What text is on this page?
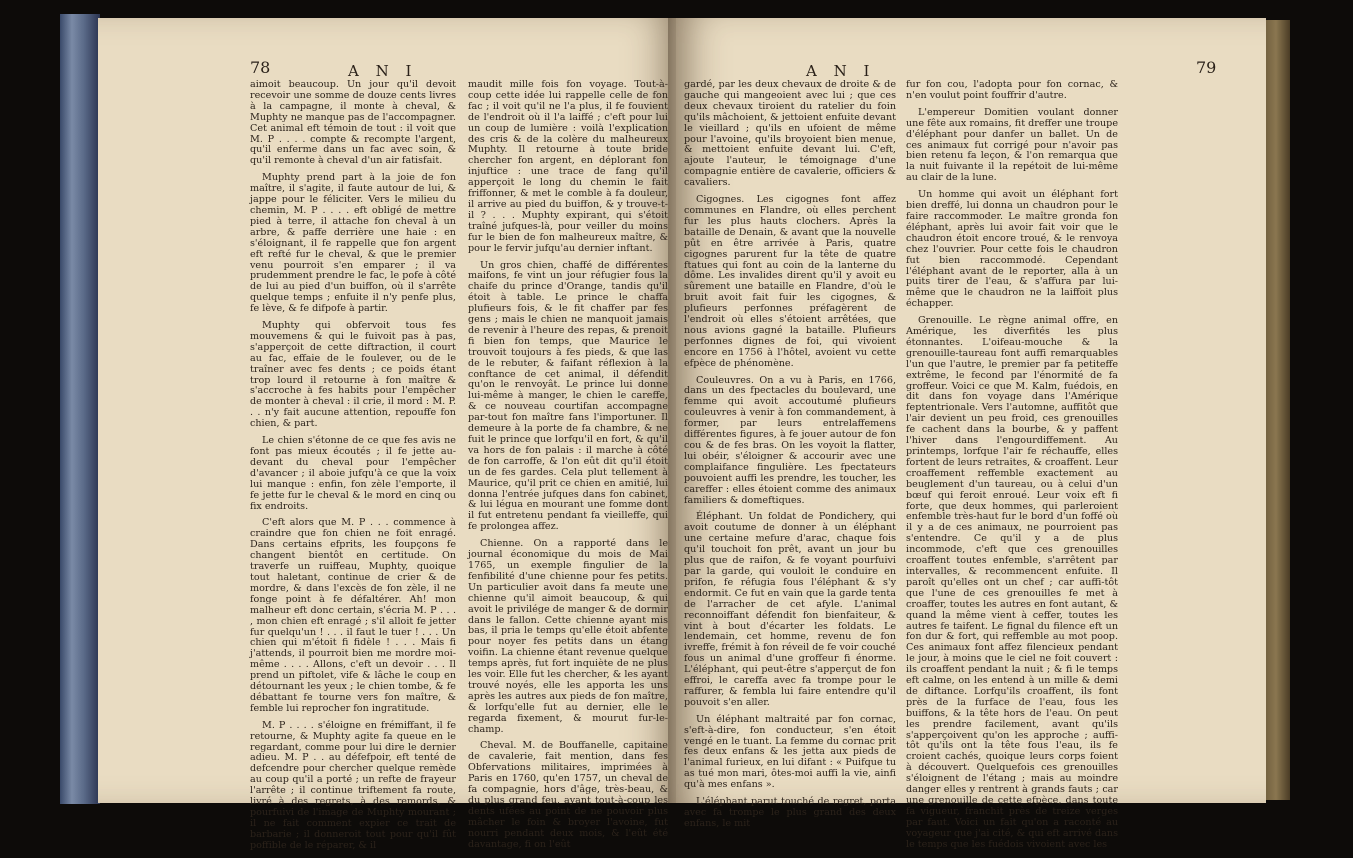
78	A N I

aimoit beaucoup. Un jour qu'il devoit recevoir une somme de douze cents livres à la campagne, il monte à cheval, & Muphty ne manque pas de l'accompagner. Cet animal eft témoin de tout : il voit que M. P . . . . compte & recompte l'argent, qu'il enferme dans un fac avec soin, & qu'il remonte à cheval d'un air fatisfait.

Muphty prend part à la joie de fon maître, il s'agite, il faute autour de lui, & jappe pour le féliciter. Vers le milieu du chemin, M. P . . . . eft obligé de mettre pied à terre, il attache fon cheval à un arbre, & paffe derrière une haie : en s'éloignant, il fe rappelle que fon argent eft refté fur le cheval, & que le premier venu pourroit s'en emparer ; il va prudemment prendre le fac, le pofe à côté de lui au pied d'un buiffon, où il s'arrête quelque temps ; enfuite il n'y penfe plus, fe lève, & fe difpofe à partir.

Muphty qui obfervoit tous fes mouvemens & qui le fuivoit pas à pas, s'apperçoit de cette diftraction, il court au fac, effaie de le foulever, ou de le traîner avec fes dents ; ce poids étant trop lourd il retourne à fon maître & s'accroche à fes habits pour l'empêcher de monter à cheval : il crie, il mord : M. P. . . n'y fait aucune attention, repouffe fon chien, & part.

Le chien s'étonne de ce que fes avis ne font pas mieux écoutés ; il fe jette au-devant du cheval pour l'empêcher d'avancer ; il aboie jufqu'à ce que la voix lui manque : enfin, fon zèle l'emporte, il fe jette fur le cheval & le mord en cinq ou fix endroits.

C'eft alors que M. P . . . commence à craindre que fon chien ne foit enragé. Dans certains efprits, les foupçons fe changent bientôt en certitude. On traverfe un ruiffeau, Muphty, quoique tout haletant, continue de crier & de mordre, & dans l'excès de fon zèle, il ne fonge point à fe défaltérer. Ah! mon malheur eft donc certain, s'écria M. P . . . , mon chien eft enragé ; s'il alloit fe jetter fur quelqu'un ! . . . il faut le tuer ! . . . Un chien qui m'étoit fi fidèle ! . . . Mais fi j'attends, il pourroit bien me mordre moi-même . . . . Allons, c'eft un devoir . . . Il prend un piftolet, vife & lâche le coup en détournant les yeux ; le chien tombe, & fe débattant fe tourne vers fon maître, & femble lui reprocher fon ingratitude.

M. P . . . . s'éloigne en frémiffant, il fe retourne, & Muphty agite fa queue en le regardant, comme pour lui dire le dernier adieu. M. P . . au défefpoir, eft tenté de defcendre pour chercher quelque remède au coup qu'il a porté ; un refte de frayeur l'arrête ; il continue triftement fa route, livré à des regrets, à des remords, & pourfuivi de l'image de Muphty mourant ; il ne fait comment expier ce trait de barbarie ; il donneroit tout pour qu'il fût poffible de le réparer, & il

maudit mille fois fon voyage. Tout-à-coup cette idée lui rappelle celle de fon fac ; il voit qu'il ne l'a plus, il fe fouvient de l'endroit où il l'a laiffé ; c'eft pour lui un coup de lumière : voilà l'explication des cris & de la colère du malheureux Muphty. Il retourne à toute bride chercher fon argent, en déplorant fon injuftice : une trace de fang qu'il apperçoit le long du chemin le fait friffonner, & met le comble à fa douleur, il arrive au pied du buiffon, & y trouve-t-il ? . . . Muphty expirant, qui s'étoit traîné jufques-là, pour veiller du moins fur le bien de fon malheureux maître, & pour le fervir jufqu'au dernier inftant.

Un gros chien, chaffé de différentes maifons, fe vint un jour réfugier fous la chaife du prince d'Orange, tandis qu'il étoit à table. Le prince le chaffa plufieurs fois, & le fit chaffer par fes gens ; mais le chien ne manquoit jamais de revenir à l'heure des repas, & prenoit fi bien fon temps, que Maurice le trouvoit toujours à fes pieds, & que las de le rebuter, & faifant réflexion à la conftance de cet animal, il défendit qu'on le renvoyât. Le prince lui donne lui-même à manger, le chien le careffe, & ce nouveau courtifan accompagne par-tout fon maître fans l'importuner. Il demeure à la porte de fa chambre, & ne fuit le prince que lorfqu'il en fort, & qu'il va hors de fon palais : il marche à côté de fon carroffe, & l'on eût dit qu'il étoit un de fes gardes. Cela plut tellement à Maurice, qu'il prit ce chien en amitié, lui donna l'entrée jufques dans fon cabinet, & lui légua en mourant une fomme dont il fut entretenu pendant fa vieilleffe, qui fe prolongea affez.

Chienne. On a rapporté dans le journal économique du mois de Mai 1765, un exemple fingulier de la fenfibilité d'une chienne pour fes petits. Un particulier avoit dans fa meute une chienne qu'il aimoit beaucoup, & qui avoit le privilége de manger & de dormir dans le fallon. Cette chienne ayant mis bas, il pria le temps qu'elle étoit abfente pour noyer fes petits dans un étang voifin. La chienne étant revenue quelque temps après, fut fort inquiète de ne plus les voir. Elle fut les chercher, & les ayant trouvé noyés, elle les apporta les uns après les autres aux pieds de fon maître, & lorfqu'elle fut au dernier, elle le regarda fixement, & mourut fur-le-champ.

Cheval. M. de Bouffanelle, capitaine de cavalerie, fait mention, dans fes Obfervations militaires, imprimées à Paris en 1760, qu'en 1757, un cheval de fa compagnie, hors d'âge, très-beau, & du plus grand feu, ayant tout-à-coup les dents ufées au point de ne pouvoir plus mâcher le foin & broyer l'avoine, fut nourri pendant deux mois, & l'eût été davantage, fi on l'eût

A N I	79

gardé, par les deux chevaux de droite & de gauche qui mangeoient avec lui ; que ces deux chevaux tiroient du ratelier du foin qu'ils mâchoient, & jettoient enfuite devant le vieillard ; qu'ils en ufoient de même pour l'avoine, qu'ils broyoient bien menue, & mettoient enfuite devant lui. C'eft, ajoute l'auteur, le témoignage d'une compagnie entière de cavalerie, officiers & cavaliers.

Cigognes. Les cigognes font affez communes en Flandre, où elles perchent fur les plus hauts clochers. Après la bataille de Denain, & avant que la nouvelle pût en être arrivée à Paris, quatre cigognes parurent fur la tête de quatre ftatues qui font au coin de la lanterne du dôme. Les invalides dirent qu'il y avoit eu sûrement une bataille en Flandre, d'où le bruit avoit fait fuir les cigognes, & plufieurs perfonnes préfagèrent de l'endroit où elles s'étoient arrêtées, que nous avions gagné la bataille. Plufieurs perfonnes dignes de foi, qui vivoient encore en 1756 à l'hôtel, avoient vu cette efpèce de phénomène.

Couleuvres. On a vu à Paris, en 1766, dans un des fpectacles du boulevard, une femme qui avoit accoutumé plufieurs couleuvres à venir à fon commandement, à former, par leurs entrelaffemens différentes figures, à fe jouer autour de fon cou & de fes bras. On les voyoit la flatter, lui obéir, s'éloigner & accourir avec une complaifance fingulière. Les fpectateurs pouvoient auffi les prendre, les toucher, les careffer : elles étoient comme des animaux familiers & domeftiques.

Éléphant. Un foldat de Pondichery, qui avoit coutume de donner à un éléphant une certaine mefure d'arac, chaque fois qu'il touchoit fon prêt, avant un jour bu plus que de raifon, & fe voyant pourfuivi par la garde, qui vouloit le conduire en prifon, fe réfugia fous l'éléphant & s'y endormit. Ce fut en vain que la garde tenta de l'arracher de cet afyle. L'animal reconnoiffant défendit fon bienfaiteur, & vint à bout d'écarter les foldats. Le lendemain, cet homme, revenu de fon ivreffe, frémit à fon réveil de fe voir couché fous un animal d'une groffeur fi énorme. L'éléphant, qui peut-être s'apperçut de fon effroi, le careffa avec fa trompe pour le raffurer, & fembla lui faire entendre qu'il pouvoit s'en aller.

Un éléphant maltraité par fon cornac, s'eft-à-dire, fon conducteur, s'en étoit vengé en le tuant. La femme du cornac prit fes deux enfans & les jetta aux pieds de l'animal furieux, en lui difant : « Puifque tu as tué mon mari, ôtes-moi auffi la vie, ainfi qu'à mes enfans ».

L'éléphant parut touché de regret, porta avec fa trompe le plus grand des deux enfans, le mit

fur fon cou, l'adopta pour fon cornac, & n'en voulut point fouffrir d'autre.

L'empereur Domitien voulant donner une fête aux romains, fit dreffer une troupe d'éléphant pour danfer un ballet. Un de ces animaux fut corrigé pour n'avoir pas bien retenu fa leçon, & l'on remarqua que la nuit fuivante il la repétoit de lui-même au clair de la lune.

Un homme qui avoit un éléphant fort bien dreffé, lui donna un chaudron pour le faire raccommoder. Le maître gronda fon éléphant, après lui avoir fait voir que le chaudron étoit encore troué, & le renvoya chez l'ouvrier. Pour cette fois le chaudron fut bien raccommodé. Cependant l'éléphant avant de le reporter, alla à un puits tirer de l'eau, & s'affura par lui-même que le chaudron ne la laiffoit plus échapper.

Grenouille. Le règne animal offre, en Amérique, les diverfités les plus étonnantes. L'oifeau-mouche & la grenouille-taureau font auffi remarquables l'un que l'autre, le premier par fa petiteffe extrême, le fecond par l'énormité de fa groffeur. Voici ce que M. Kalm, fuédois, en dit dans fon voyage dans l'Amérique feptentrionale. Vers l'automne, auffitôt que l'air devient un peu froid, ces grenouilles fe cachent dans la bourbe, & y paffent l'hiver dans l'engourdiffement. Au printemps, lorfque l'air fe réchauffe, elles fortent de leurs retraites, & croaffent. Leur croaffement reffemble exactement au beuglement d'un taureau, ou à celui d'un bœuf qui feroit enroué. Leur voix eft fi forte, que deux hommes, qui parleroient enfemble très-haut fur le bord d'un foffé où il y a de ces animaux, ne pourroient pas s'entendre. Ce qu'il y a de plus incommode, c'eft que ces grenouilles croaffent toutes enfemble, s'arrêtent par intervalles, & recommencent enfuite. Il paroît qu'elles ont un chef ; car auffi-tôt que l'une de ces grenouilles fe met à croaffer, toutes les autres en font autant, & quand la même vient à ceffer, toutes les autres fe taifent. Le fignal du filence eft un fon dur & fort, qui reffemble au mot poop. Ces animaux font affez filencieux pendant le jour, à moins que le ciel ne foit couvert : ils croaffent pendant la nuit ; & fi le temps eft calme, on les entend à un mille & demi de diftance. Lorfqu'ils croaffent, ils font près de la furface de l'eau, fous les buiffons, & la tête hors de l'eau. On peut les prendre facilement, avant qu'ils s'apperçoivent qu'on les approche ; auffi-tôt qu'ils ont la tête fous l'eau, ils fe croient cachés, quoique leurs corps foient à découvert. Quelquefois ces grenouilles s'éloignent de l'étang ; mais au moindre danger elles y rentrent à grands fauts ; car une grenouille de cette efpèce, dans toute fa vigueur, franchit près de treize verges par faut. Voici un fait qu'on a raconté au voyageur que j'ai cité, & qui eft arrivé dans le temps que les fuédois vivoient avec les
